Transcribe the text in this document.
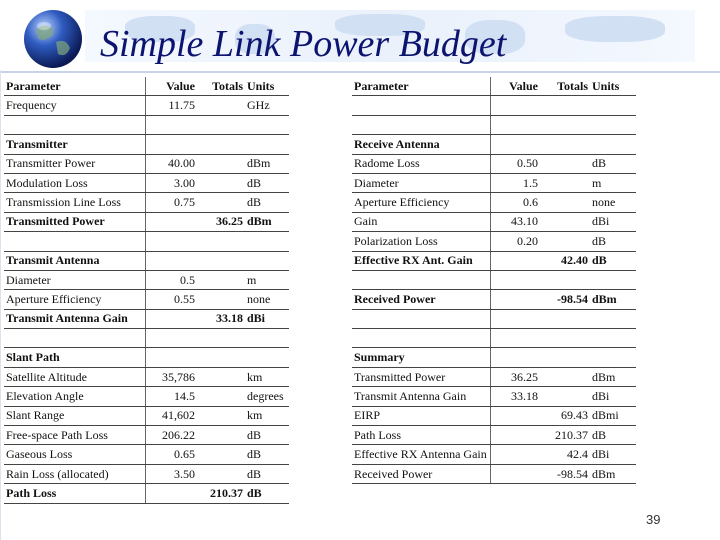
Simple Link Power Budget
Parameter	Value	Totals	Units
Frequency	11.75		GHz

Transmitter			
Transmitter Power	40.00		dBm
Modulation Loss	3.00		dB
Transmission Line Loss	0.75		dB
Transmitted Power		36.25	dBm

Transmit Antenna			
Diameter	0.5		m
Aperture Efficiency	0.55		none
Transmit Antenna Gain		33.18	dBi

Slant Path			
Satellite Altitude	35,786		km
Elevation Angle	14.5		degrees
Slant Range	41,602		km
Free-space Path Loss	206.22		dB
Gaseous Loss	0.65		dB
Rain Loss (allocated)	3.50		dB
Path Loss		210.37	dB
Parameter	Value	Totals	Units

Receive Antenna			
Radome Loss	0.50		dB
Diameter	1.5		m
Aperture Efficiency	0.6		none
Gain	43.10		dBi
Polarization Loss	0.20		dB
Effective RX Ant. Gain		42.40	dB

Received Power		-98.54	dBm

Summary			
Transmitted Power	36.25		dBm
Transmit Antenna Gain	33.18		dBi
EIRP		69.43	dBmi
Path Loss		210.37	dB
Effective RX Antenna Gain		42.4	dBi
Received Power		-98.54	dBm
39
